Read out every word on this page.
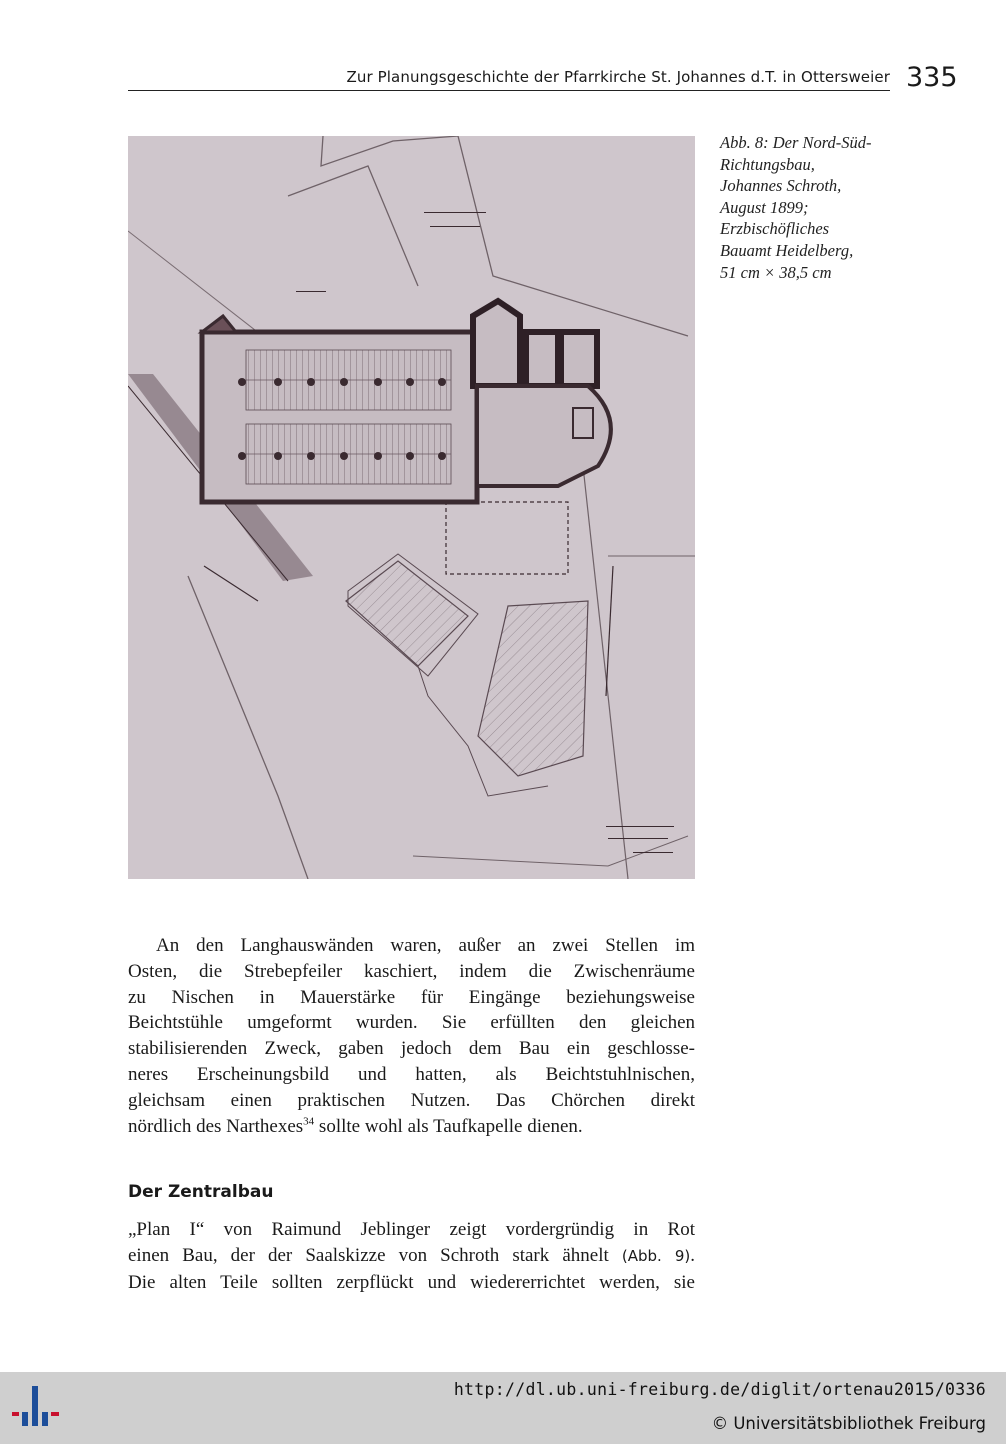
Zur Planungsgeschichte der Pfarrkirche St. Johannes d.T. in Ottersweier 335
Abb. 8: Der Nord-Süd-
Richtungsbau,
Johannes Schroth,
August 1899;
Erzbischöfliches
Bauamt Heidelberg,
51 cm × 38,5 cm
An den Langhauswänden waren, außer an zwei Stellen im
Osten, die Strebepfeiler kaschiert, indem die Zwischenräume
zu Nischen in Mauerstärke für Eingänge beziehungsweise
Beichtstühle umgeformt wurden. Sie erfüllten den gleichen
stabilisierenden Zweck, gaben jedoch dem Bau ein geschlosse-
neres Erscheinungsbild und hatten, als Beichtstuhlnischen,
gleichsam einen praktischen Nutzen. Das Chörchen direkt
nördlich des Narthexes$^{34}$ sollte wohl als Taufkapelle dienen.
Der Zentralbau
„Plan I“ von Raimund Jeblinger zeigt vordergründig in Rot
einen Bau, der der Saalskizze von Schroth stark ähnelt (Abb. 9).
Die alten Teile sollten zerpflückt und wiedererrichtet werden, sie
http://dl.ub.uni-freiburg.de/diglit/ortenau2015/0336
© Universitätsbibliothek Freiburg
